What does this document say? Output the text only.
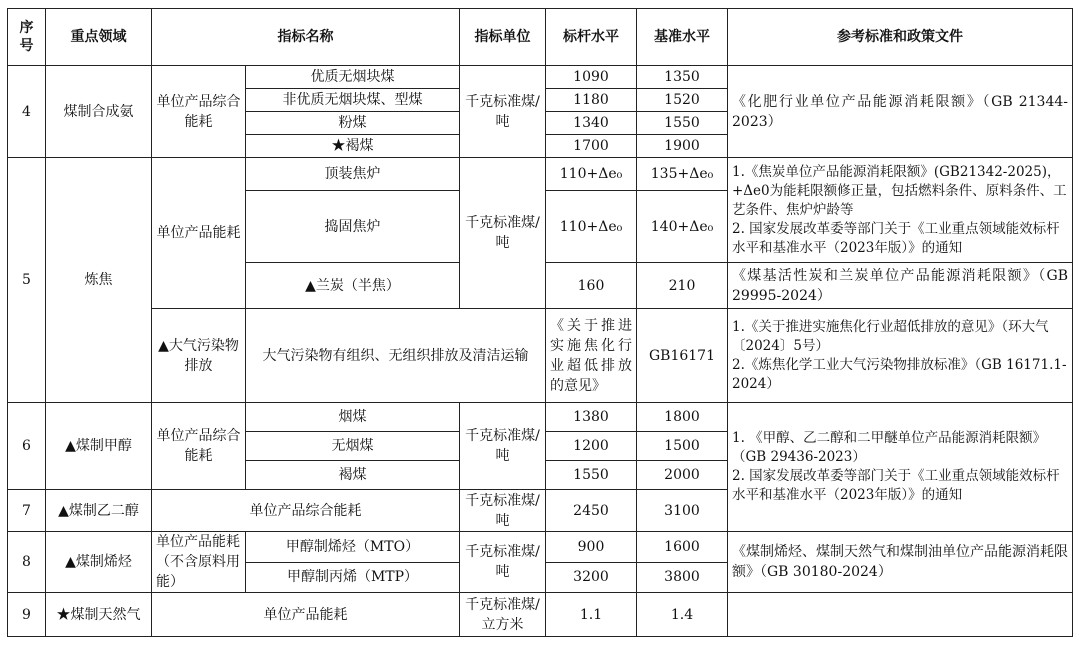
序
号	重点领域	指标名称		指标单位	标杆水平	基准水平	参考标准和政策文件
4	煤制合成氨	单位产品综合能耗	优质无烟块煤	千克标准煤/吨	1090	1350	《化肥行业单位产品能源消耗限额》（GB 21344-2023）
			非优质无烟块煤、型煤		1180	1520	
			粉煤		1340	1550	
			★褐煤		1700	1900	
5	炼焦	单位产品能耗	顶装焦炉	千克标准煤/吨	110+Δe₀	135+Δe₀	1.《焦炭单位产品能源消耗限额》(GB21342-2025)，+Δe0为能耗限额修正量，包括燃料条件、原料条件、工艺条件、焦炉炉龄等
2. 国家发展改革委等部门关于《工业重点领域能效标杆水平和基准水平（2023年版）》的通知
			捣固焦炉		110+Δe₀	140+Δe₀	
			▲兰炭（半焦）		160	210	《煤基活性炭和兰炭单位产品能源消耗限额》（GB 29995-2024）
		▲大气污染物排放	大气污染物有组织、无组织排放及清洁运输		《关于推进实施焦化行业超低排放的意见》	GB16171	1.《关于推进实施焦化行业超低排放的意见》（环大气〔2024〕5号）
2.《炼焦化学工业大气污染物排放标准》（GB 16171.1-2024）
6	▲煤制甲醇	单位产品综合能耗	烟煤	千克标准煤/吨	1380	1800	1. 《甲醇、乙二醇和二甲醚单位产品能源消耗限额》（GB 29436-2023）
2. 国家发展改革委等部门关于《工业重点领域能效标杆水平和基准水平（2023年版）》的通知
			无烟煤		1200	1500	
			褐煤		1550	2000	
7	▲煤制乙二醇	单位产品综合能耗		千克标准煤/吨	2450	3100	
8	▲煤制烯烃	单位产品能耗（不含原料用能）	甲醇制烯烃（MTO）	千克标准煤/吨	900	1600	《煤制烯烃、煤制天然气和煤制油单位产品能源消耗限额》（GB 30180-2024）
			甲醇制丙烯（MTP）		3200	3800	
9	★煤制天然气	单位产品能耗		千克标准煤/立方米	1.1	1.4	
